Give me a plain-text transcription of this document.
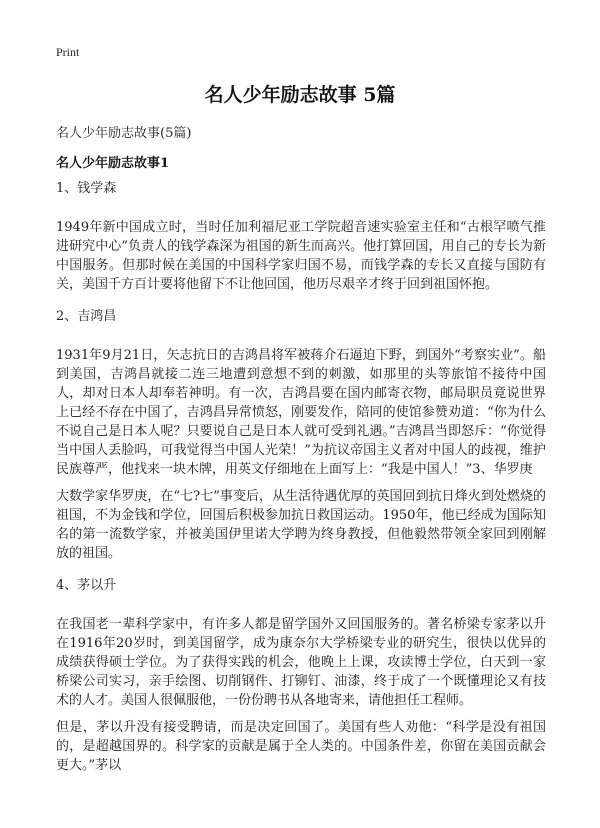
Print
名人少年励志故事 5篇
名人少年励志故事(5篇)
名人少年励志故事1

1、钱学森

1949年新中国成立时，当时任加利福尼亚工学院超音速实验室主任和“古根罕喷气推进研究中心”负责人的钱学森深为祖国的新生而高兴。他打算回国，用自己的专长为新中国服务。但那时候在美国的中国科学家归国不易，而钱学森的专长又直接与国防有关，美国千方百计要将他留下不让他回国，他历尽艰辛才终于回到祖国怀抱。

2、吉鸿昌

1931年9月21日，矢志抗日的吉鸿昌将军被蒋介石逼迫下野，到国外“考察实业”。船到美国，吉鸿昌就接二连三地遭到意想不到的刺激，如那里的头等旅馆不接待中国人，却对日本人却奉若神明。有一次，吉鸿昌要在国内邮寄衣物，邮局职员竟说世界上已经不存在中国了，吉鸿昌异常愤怒，刚要发作，陪同的使馆参赞劝道：“你为什么不说自己是日本人呢？只要说自己是日本人就可受到礼遇。”吉鸿昌当即怒斥：“你觉得当中国人丢脸吗，可我觉得当中国人光荣！”为抗议帝国主义者对中国人的歧视，维护民族尊严，他找来一块木牌，用英文仔细地在上面写上：“我是中国人！”3、华罗庚

大数学家华罗庚，在“七?七”事变后，从生活待遇优厚的英国回到抗日烽火到处燃烧的祖国，不为金钱和学位，回国后积极参加抗日救国运动。1950年，他已经成为国际知名的第一流数学家，并被美国伊里诺大学聘为终身教授，但他毅然带领全家回到刚解放的祖国。

4、茅以升

在我国老一辈科学家中，有许多人都是留学国外又回国服务的。著名桥梁专家茅以升在1916年20岁时，到美国留学，成为康奈尔大学桥梁专业的研究生，很快以优异的成绩获得硕士学位。为了获得实践的机会，他晚上上课，攻读博士学位，白天到一家桥梁公司实习，亲手绘图、切削钢件、打铆钉、油漆，终于成了一个既懂理论又有技术的人才。美国人很佩服他，一份份聘书从各地寄来，请他担任工程师。

但是，茅以升没有接受聘请，而是决定回国了。美国有些人劝他：“科学是没有祖国的，是超越国界的。科学家的贡献是属于全人类的。中国条件差，你留在美国贡献会更大。”茅以
